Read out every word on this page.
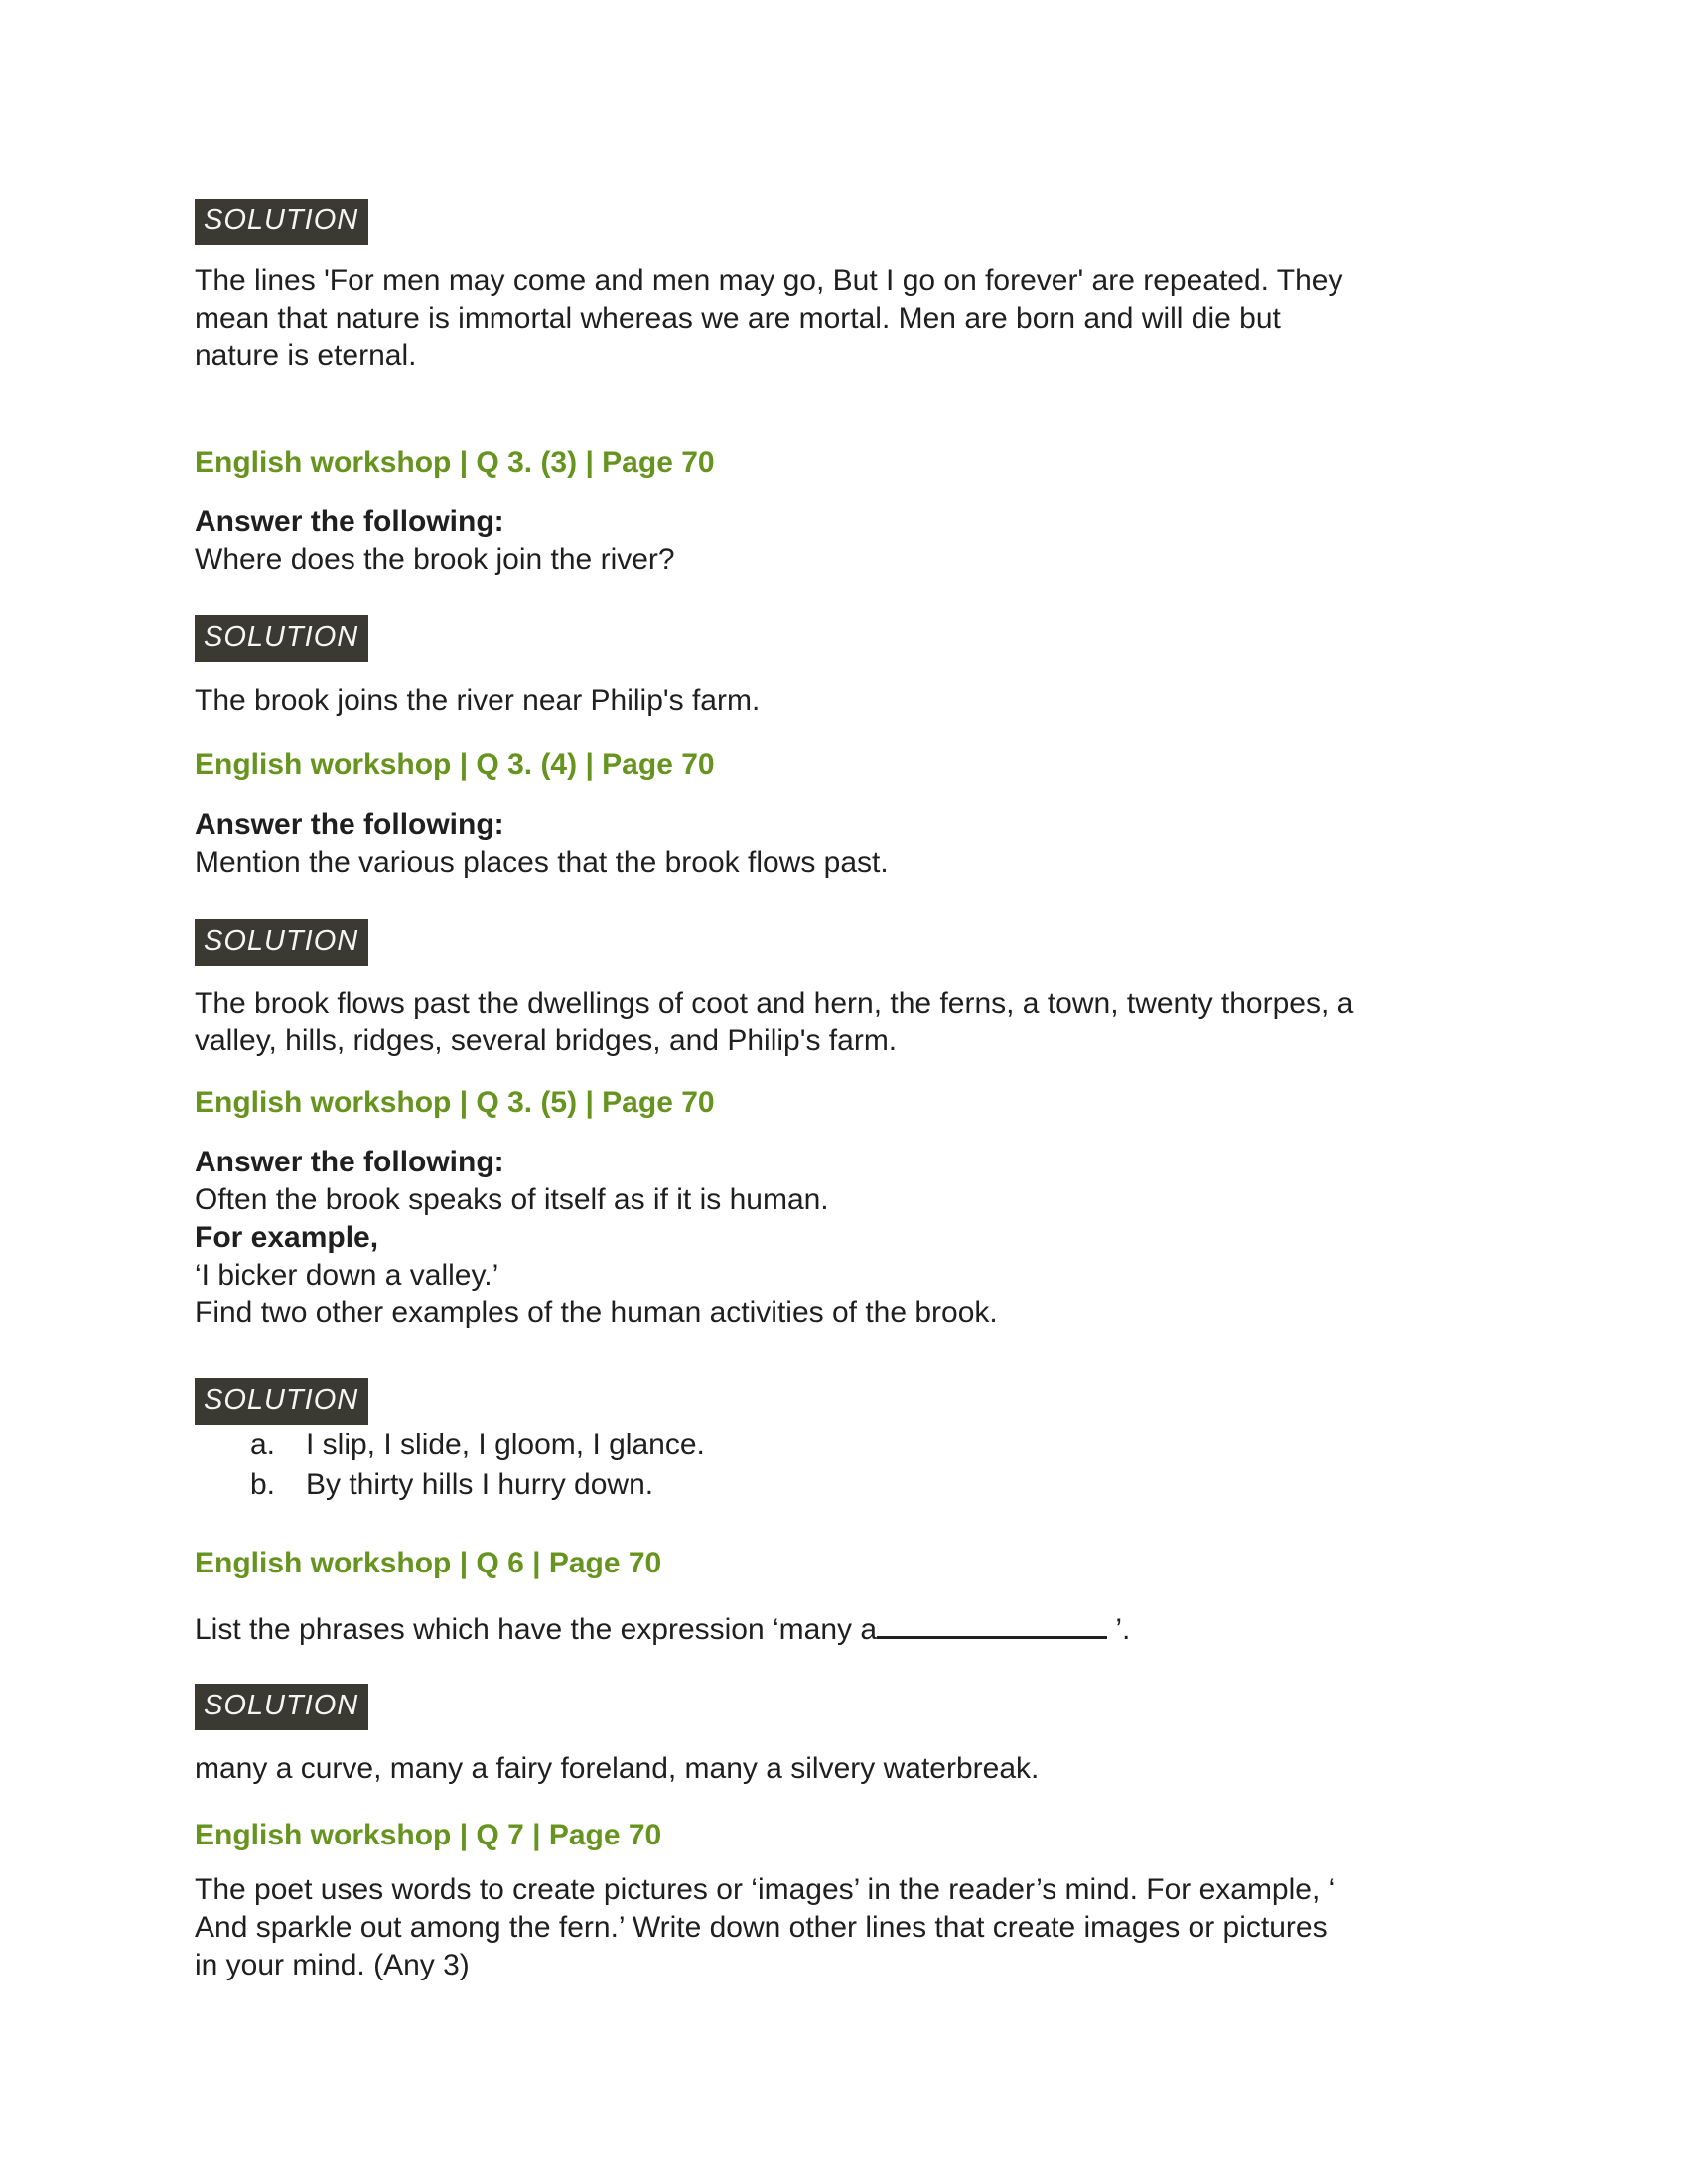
SOLUTION
The lines 'For men may come and men may go, But I go on forever' are repeated. They
mean that nature is immortal whereas we are mortal. Men are born and will die but
nature is eternal.
English workshop | Q 3. (3) | Page 70
Answer the following:
Where does the brook join the river?
SOLUTION
The brook joins the river near Philip's farm.
English workshop | Q 3. (4) | Page 70
Answer the following:
Mention the various places that the brook flows past.
SOLUTION
The brook flows past the dwellings of coot and hern, the ferns, a town, twenty thorpes, a
valley, hills, ridges, several bridges, and Philip's farm.
English workshop | Q 3. (5) | Page 70
Answer the following:
Often the brook speaks of itself as if it is human.
For example,
‘I bicker down a valley.’
Find two other examples of the human activities of the brook.
SOLUTION
a. I slip, I slide, I gloom, I glance.
b. By thirty hills I hurry down.
English workshop | Q 6 | Page 70
List the phrases which have the expression ‘many a	’.
SOLUTION
many a curve, many a fairy foreland, many a silvery waterbreak.
English workshop | Q 7 | Page 70
The poet uses words to create pictures or ‘images’ in the reader’s mind. For example, ‘
And sparkle out among the fern.’ Write down other lines that create images or pictures
in your mind. (Any 3)
